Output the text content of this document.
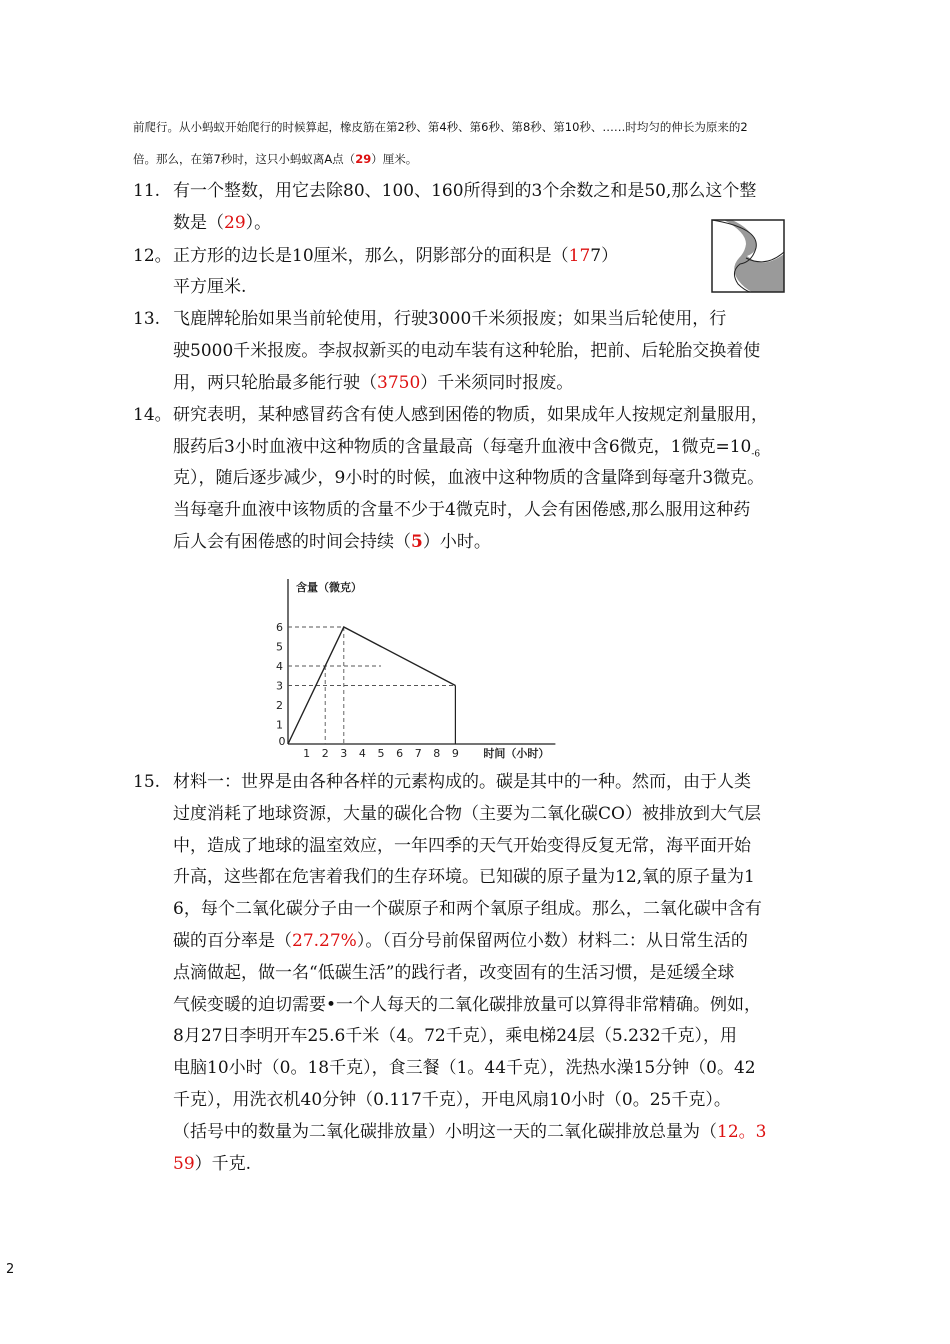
前爬行。从小蚂蚁开始爬行的时候算起，橡皮筋在第2秒、第4秒、第6秒、第8秒、第10秒、……时均匀的伸长为原来的2
倍。那么，在第7秒时，这只小蚂蚁离A点（29）厘米。
11. 有一个整数，用它去除80、100、160所得到的3个余数之和是50,那么这个整
数是（29）。
12。 正方形的边长是10厘米，那么，阴影部分的面积是（177）
平方厘米.
13. 飞鹿牌轮胎如果当前轮使用，行驶3000千米须报废；如果当后轮使用，行
驶5000千米报废。李叔叔新买的电动车装有这种轮胎，把前、后轮胎交换着使
用，两只轮胎最多能行驶（3750）千米须同时报废。
14。 研究表明，某种感冒药含有使人感到困倦的物质，如果成年人按规定剂量服用，
服药后3小时血液中这种物质的含量最高（每毫升血液中含6微克，1微克$=10_{-6}$
克），随后逐步减少，9小时的时候，血液中这种物质的含量降到每毫升3微克。
当每毫升血液中该物质的含量不少于4微克时，人会有困倦感,那么服用这种药
后人会有困倦感的时间会持续（5）小时。
含量（微克）
时间（小时）
0
1 2 3 4 5 6 7 8 9
1
2
3
4
5
6
15. 材料一：世界是由各种各样的元素构成的。碳是其中的一种。然而，由于人类
过度消耗了地球资源，大量的碳化合物（主要为二氧化碳CO）被排放到大气层
中，造成了地球的温室效应，一年四季的天气开始变得反复无常，海平面开始
升高，这些都在危害着我们的生存环境。已知碳的原子量为12,氧的原子量为1
6，每个二氧化碳分子由一个碳原子和两个氧原子组成。那么，二氧化碳中含有
碳的百分率是（27.27%）。（百分号前保留两位小数）材料二：从日常生活的
点滴做起，做一名“低碳生活”的践行者，改变固有的生活习惯，是延缓全球
气候变暖的迫切需要•一个人每天的二氧化碳排放量可以算得非常精确。例如，
8月27日李明开车25.6千米（4。72千克），乘电梯24层（5.232千克），用
电脑10小时（0。18千克），食三餐（1。44千克），洗热水澡15分钟（0。42
千克），用洗衣机40分钟（0.117千克），开电风扇10小时（0。25千克）。
（括号中的数量为二氧化碳排放量）小明这一天的二氧化碳排放总量为（12。3
59）千克.
2
